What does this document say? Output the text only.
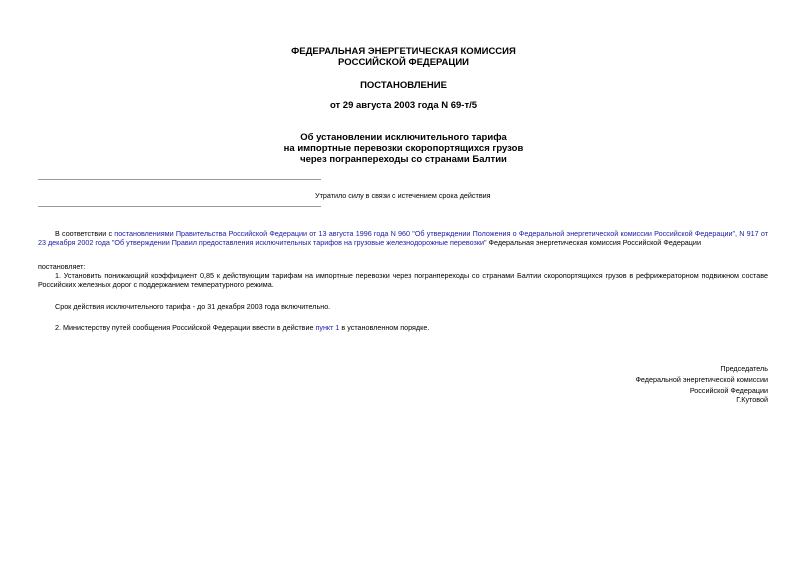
ФЕДЕРАЛЬНАЯ ЭНЕРГЕТИЧЕСКАЯ КОМИССИЯ
РОССИЙСКОЙ ФЕДЕРАЦИИ
ПОСТАНОВЛЕНИЕ
от 29 августа 2003 года N 69-т/5
Об установлении исключительного тарифа
на импортные перевозки скоропортящихся грузов
через погранпереходы со странами Балтии
Утратило силу в связи с истечением срока действия
В соответствии с постановлениями Правительства Российской Федерации от 13 августа 1996 года N 960 "Об утверждении Положения о Федеральной энергетической комиссии Российской Федерации", N 917 от 23 декабря 2002 года "Об утверждении Правил предоставления исключительных тарифов на грузовые железнодорожные перевозки" Федеральная энергетическая комиссия Российской Федерации
постановляет:
1. Установить понижающий коэффициент 0,85 к действующим тарифам на импортные перевозки через погранпереходы со странами Балтии скоропортящихся грузов в рефрижераторном подвижном составе Российских железных дорог с поддержанием температурного режима.
Срок действия исключительного тарифа - до 31 декабря 2003 года включительно.
2. Министерству путей сообщения Российской Федерации ввести в действие пункт 1 в установленном порядке.
Председатель
Федеральной энергетической комиссии
Российской Федерации
Г.Кутовой
